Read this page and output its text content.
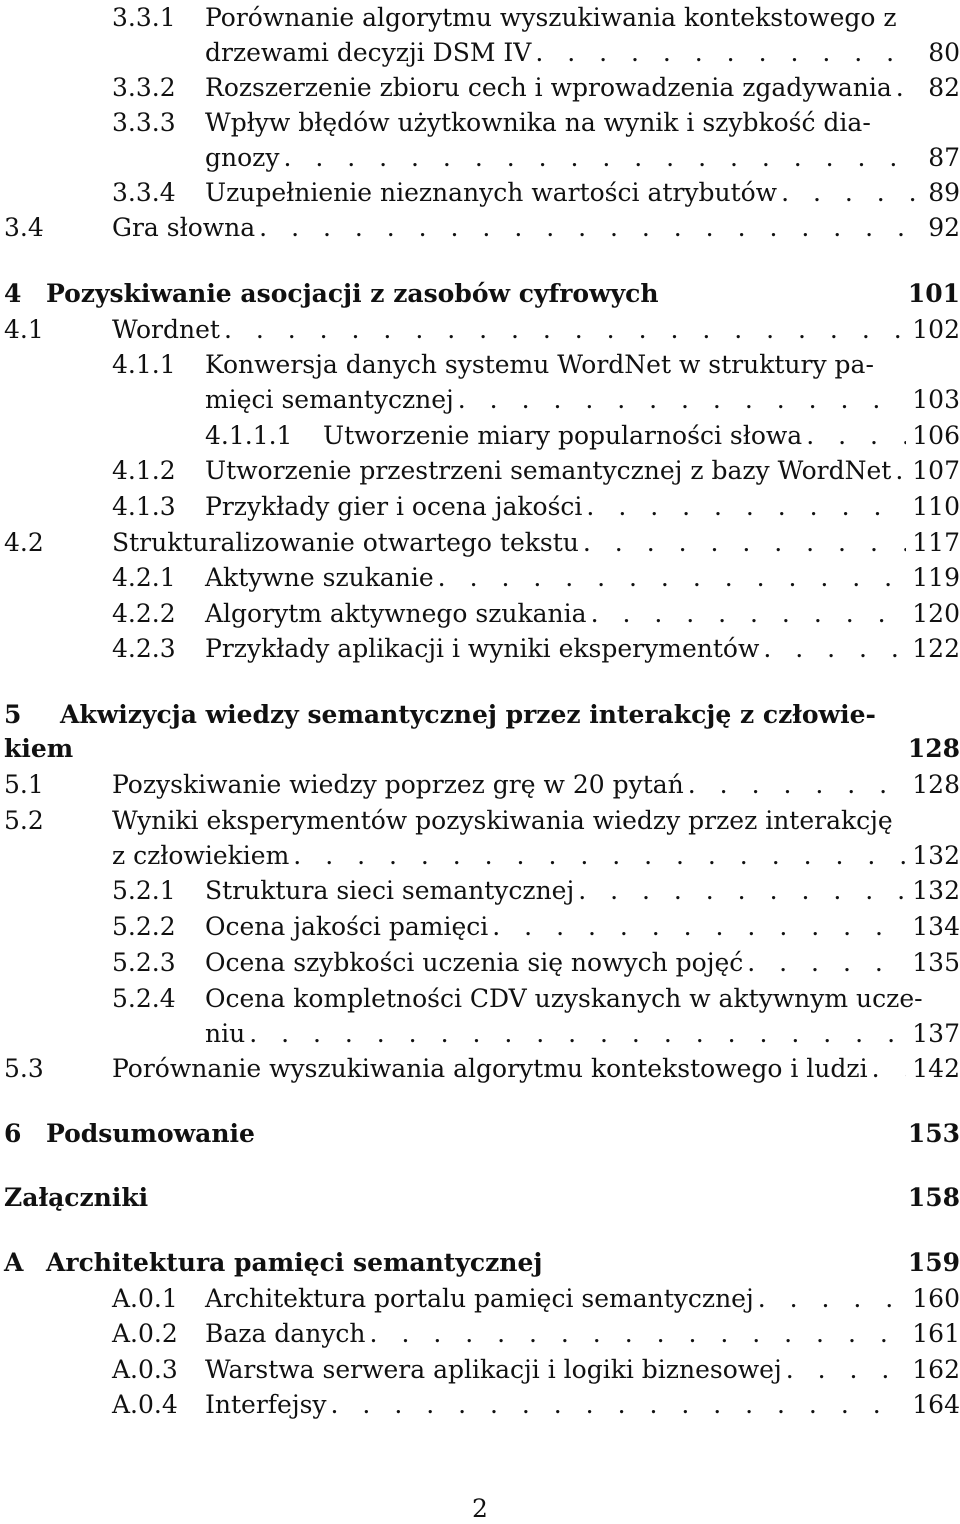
3.3.1	Porównanie algorytmu wyszukiwania kontekstowego z
drzewami decyzji DSM IV . . .	80
3.3.2	Rozszerzenie zbioru cech i wprowadzenia zgadywania . . . 82
3.3.3	Wpływ błędów użytkownika na wynik i szybkość dia-
gnozy . . .	87
3.3.4	Uzupełnienie nieznanych wartości atrybutów . . .	89
3.4	Gra słowna . . .	92
4 Pozyskiwanie asocjacji z zasobów cyfrowych	101
4.1	Wordnet . . .	102
4.1.1	Konwersja danych systemu WordNet w struktury pa-
mięci semantycznej . . .	103
4.1.1.1	Utworzenie miary popularności słowa . . .	106
4.1.2	Utworzenie przestrzeni semantycznej z bazy WordNet . . . 107
4.1.3	Przykłady gier i ocena jakości . . .	110
4.2	Strukturalizowanie otwartego tekstu . . .	117
4.2.1	Aktywne szukanie . . .	119
4.2.2	Algorytm aktywnego szukania . . .	120
4.2.3	Przykłady aplikacji i wyniki eksperymentów . . .	122
5	Akwizycja wiedzy semantycznej przez interakcję z człowie-
kiem	128
5.1	Pozyskiwanie wiedzy poprzez grę w 20 pytań . . .	128
5.2	Wyniki eksperymentów pozyskiwania wiedzy przez interakcję
z człowiekiem . . .	132
5.2.1	Struktura sieci semantycznej . . .	132
5.2.2	Ocena jakości pamięci . . .	134
5.2.3	Ocena szybkości uczenia się nowych pojęć . . .	135
5.2.4	Ocena kompletności CDV uzyskanych w aktywnym ucze-
niu . . .	137
5.3	Porównanie wyszukiwania algorytmu kontekstowego i ludzi . . . 142
6 Podsumowanie	153
Załączniki	158
A Architektura pamięci semantycznej	159
A.0.1	Architektura portalu pamięci semantycznej . . .	160
A.0.2	Baza danych . . .	161
A.0.3	Warstwa serwera aplikacji i logiki biznesowej . . .	162
A.0.4	Interfejsy . . .	164
2
